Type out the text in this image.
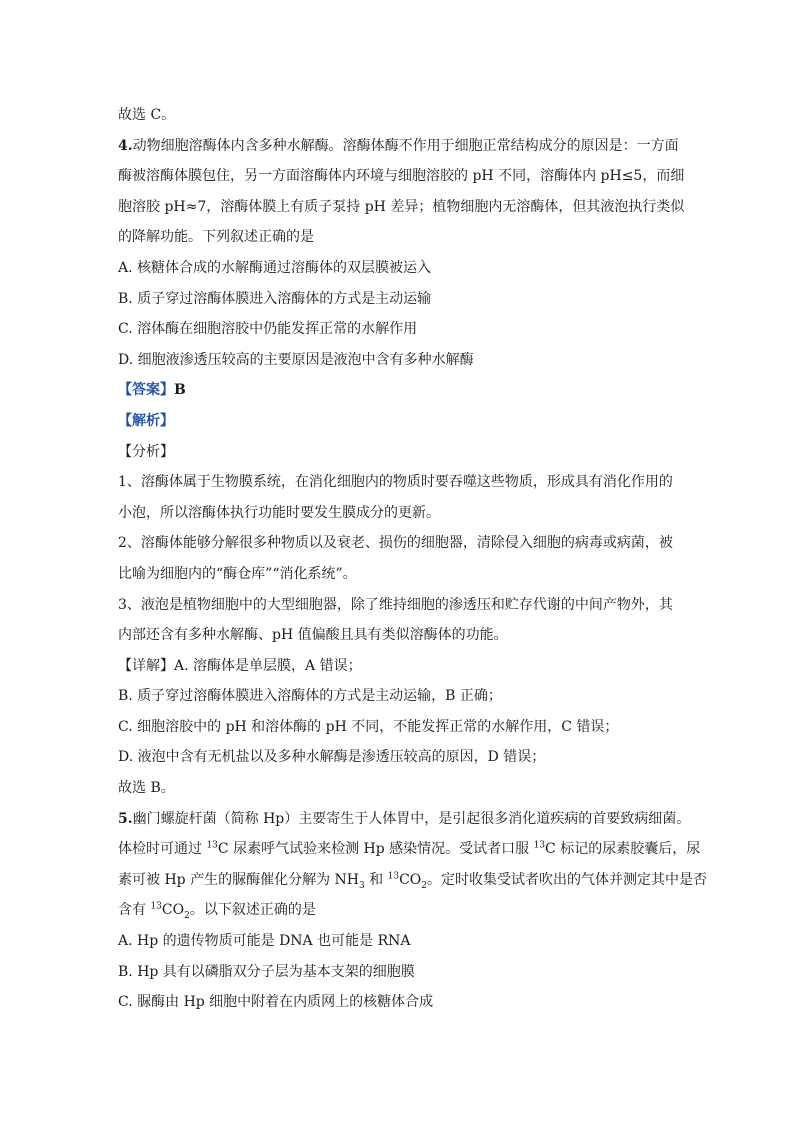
故选 C。
4.动物细胞溶酶体内含多种水解酶。溶酶体酶不作用于细胞正常结构成分的原因是：一方面
酶被溶酶体膜包住，另一方面溶酶体内环境与细胞溶胶的 pH 不同，溶酶体内 pH≤5，而细
胞溶胶 pH≈7，溶酶体膜上有质子泵持 pH 差异；植物细胞内无溶酶体，但其液泡执行类似
的降解功能。下列叙述正确的是
A. 核糖体合成的水解酶通过溶酶体的双层膜被运入
B. 质子穿过溶酶体膜进入溶酶体的方式是主动运输
C. 溶体酶在细胞溶胶中仍能发挥正常的水解作用
D. 细胞液渗透压较高的主要原因是液泡中含有多种水解酶
【答案】B
【解析】
【分析】
1、溶酶体属于生物膜系统，在消化细胞内的物质时要吞噬这些物质，形成具有消化作用的
小泡，所以溶酶体执行功能时要发生膜成分的更新。
2、溶酶体能够分解很多种物质以及衰老、损伤的细胞器，清除侵入细胞的病毒或病菌，被
比喻为细胞内的“酶仓库”“消化系统”。
3、液泡是植物细胞中的大型细胞器，除了维持细胞的渗透压和贮存代谢的中间产物外，其
内部还含有多种水解酶、pH 值偏酸且具有类似溶酶体的功能。
【详解】A. 溶酶体是单层膜，A 错误；
B. 质子穿过溶酶体膜进入溶酶体的方式是主动运输，B 正确；
C. 细胞溶胶中的 pH 和溶体酶的 pH 不同，不能发挥正常的水解作用，C 错误；
D. 液泡中含有无机盐以及多种水解酶是渗透压较高的原因，D 错误；
故选 B。
5.幽门螺旋杆菌（简称 Hp）主要寄生于人体胃中，是引起很多消化道疾病的首要致病细菌。
体检时可通过 $^{13}$C 尿素呼气试验来检测 Hp 感染情况。受试者口服 $^{13}$C 标记的尿素胶囊后，尿
素可被 Hp 产生的脲酶催化分解为 $NH_3$ 和 $^{13}CO_2$。定时收集受试者吹出的气体并测定其中是否
含有 $^{13}CO_2$。以下叙述正确的是
A. Hp 的遗传物质可能是 DNA 也可能是 RNA
B. Hp 具有以磷脂双分子层为基本支架的细胞膜
C. 脲酶由 Hp 细胞中附着在内质网上的核糖体合成
